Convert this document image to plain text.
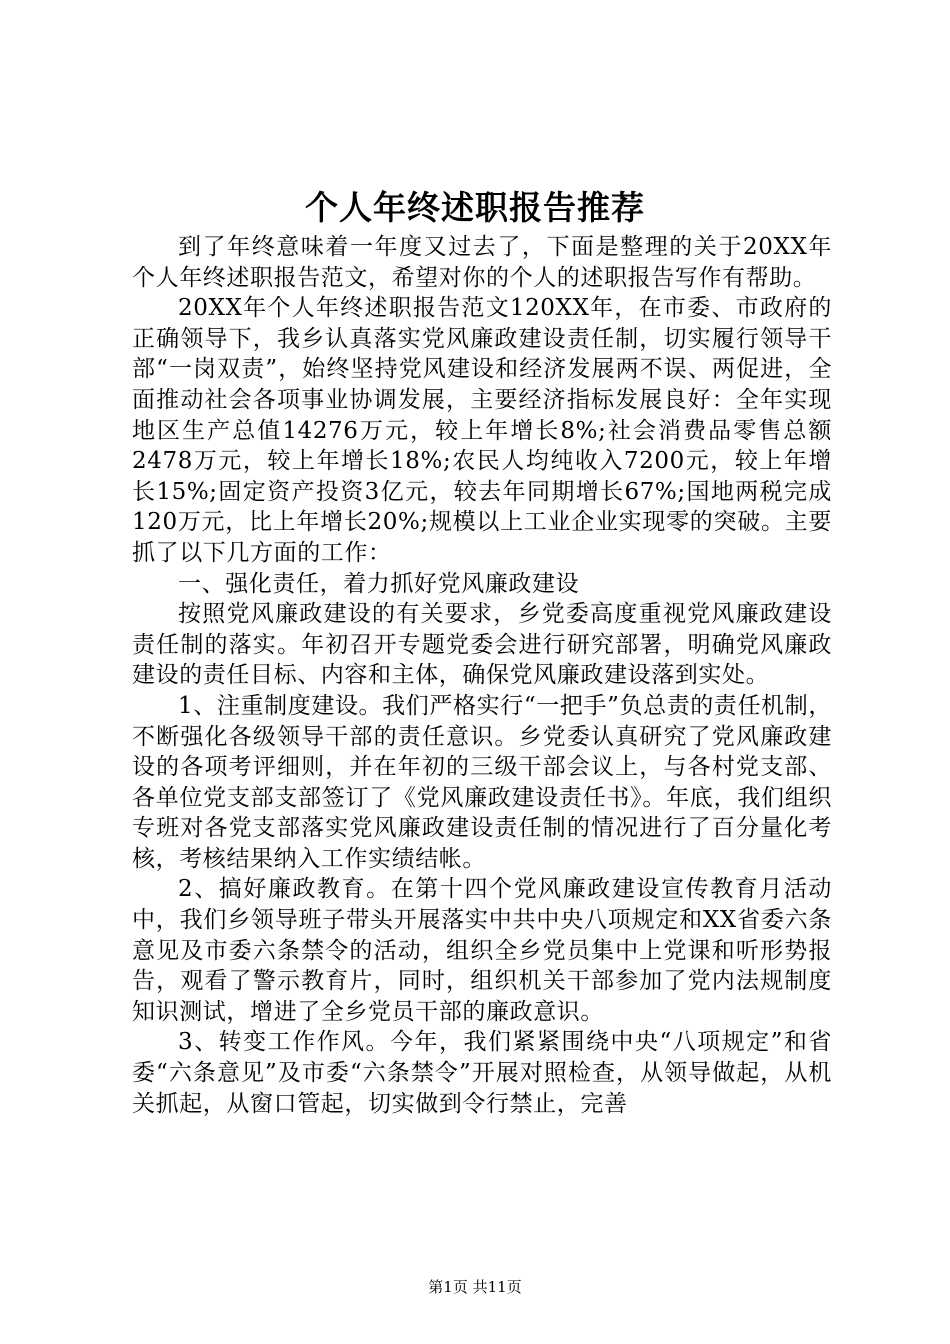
个人年终述职报告推荐

到了年终意味着一年度又过去了，下面是整理的关于20XX年个人年终述职报告范文，希望对你的个人的述职报告写作有帮助。

20XX年个人年终述职报告范文120XX年，在市委、市政府的正确领导下，我乡认真落实党风廉政建设责任制，切实履行领导干部“一岗双责”，始终坚持党风建设和经济发展两不误、两促进，全面推动社会各项事业协调发展，主要经济指标发展良好：全年实现地区生产总值14276万元，较上年增长8%;社会消费品零售总额2478万元，较上年增长18%;农民人均纯收入7200元，较上年增长15%;固定资产投资3亿元，较去年同期增长67%;国地两税完成120万元，比上年增长20%;规模以上工业企业实现零的突破。主要抓了以下几方面的工作：

一、强化责任，着力抓好党风廉政建设

按照党风廉政建设的有关要求，乡党委高度重视党风廉政建设责任制的落实。年初召开专题党委会进行研究部署，明确党风廉政建设的责任目标、内容和主体，确保党风廉政建设落到实处。

1、注重制度建设。我们严格实行“一把手”负总责的责任机制，不断强化各级领导干部的责任意识。乡党委认真研究了党风廉政建设的各项考评细则，并在年初的三级干部会议上，与各村党支部、各单位党支部支部签订了《党风廉政建设责任书》。年底，我们组织专班对各党支部落实党风廉政建设责任制的情况进行了百分量化考核，考核结果纳入工作实绩结帐。

2、搞好廉政教育。在第十四个党风廉政建设宣传教育月活动中，我们乡领导班子带头开展落实中共中央八项规定和XX省委六条意见及市委六条禁令的活动，组织全乡党员集中上党课和听形势报告，观看了警示教育片，同时，组织机关干部参加了党内法规制度知识测试，增进了全乡党员干部的廉政意识。

3、转变工作作风。今年，我们紧紧围绕中央“八项规定”和省委“六条意见”及市委“六条禁令”开展对照检查，从领导做起，从机关抓起，从窗口管起，切实做到令行禁止，完善

第1页 共11页
